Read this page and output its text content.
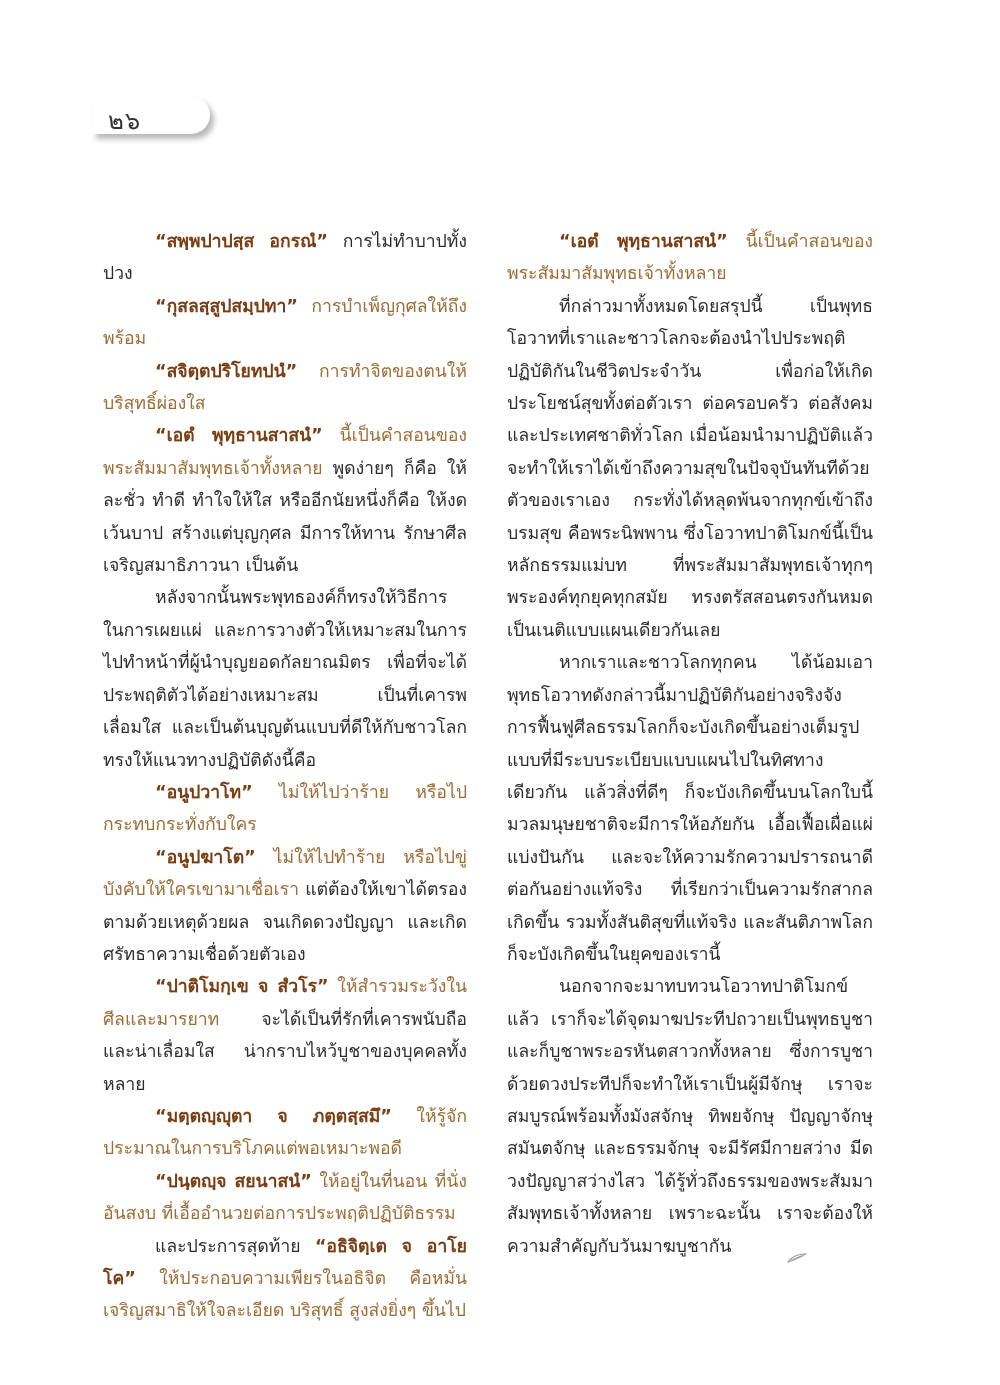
๒๖

“สพฺพปาปสฺส อกรณํ” การไม่ทำบาปทั้งปวง

“กุสลสฺสูปสมฺปทา” การบำเพ็ญกุศลให้ถึงพร้อม

“สจิตฺตปริโยทปนํ” การทำจิตของตนให้บริสุทธิ์ผ่องใส

“เอตํ พุทฺธานสาสนํ” นี้เป็นคำสอนของพระสัมมาสัมพุทธเจ้าทั้งหลาย พูดง่ายๆ ก็คือ ให้ละชั่ว ทำดี ทำใจให้ใส หรืออีกนัยหนึ่งก็คือ ให้งดเว้นบาป สร้างแต่บุญกุศล มีการให้ทาน รักษาศีล เจริญสมาธิภาวนา เป็นต้น

หลังจากนั้นพระพุทธองค์ก็ทรงให้วิธีการในการเผยแผ่ และการวางตัวให้เหมาะสมในการไปทำหน้าที่ผู้นำบุญยอดกัลยาณมิตร เพื่อที่จะได้ประพฤติตัวได้อย่างเหมาะสม เป็นที่เคารพเลื่อมใส และเป็นต้นบุญต้นแบบที่ดีให้กับชาวโลก ทรงให้แนวทางปฏิบัติดังนี้คือ

“อนูปวาโท” ไม่ให้ไปว่าร้าย หรือไปกระทบกระทั่งกับใคร

“อนูปฆาโต” ไม่ให้ไปทำร้าย หรือไปขู่บังคับให้ใครเขามาเชื่อเรา แต่ต้องให้เขาได้ตรองตามด้วยเหตุด้วยผล จนเกิดดวงปัญญา และเกิดศรัทธาความเชื่อด้วยตัวเอง

“ปาติโมกฺเข จ สํวโร” ให้สำรวมระวังในศีลและมารยาท จะได้เป็นที่รักที่เคารพนับถือ และน่าเลื่อมใส น่ากราบไหว้บูชาของบุคคลทั้งหลาย

“มตฺตญฺญุตา จ ภตฺตสฺสมึ” ให้รู้จักประมาณในการบริโภคแต่พอเหมาะพอดี

“ปนฺตญฺจ สยนาสนํ” ให้อยู่ในที่นอน ที่นั่งอันสงบ ที่เอื้ออำนวยต่อการประพฤติปฏิบัติธรรม

และประการสุดท้าย “อธิจิตฺเต จ อาโยโค” ให้ประกอบความเพียรในอธิจิต คือหมั่นเจริญสมาธิให้ใจละเอียด บริสุทธิ์ สูงส่งยิ่งๆ ขึ้นไป

“เอตํ พุทฺธานสาสนํ” นี้เป็นคำสอนของพระสัมมาสัมพุทธเจ้าทั้งหลาย

ที่กล่าวมาทั้งหมดโดยสรุปนี้ เป็นพุทธโอวาทที่เราและชาวโลกจะต้องนำไปประพฤติปฏิบัติกันในชีวิตประจำวัน เพื่อก่อให้เกิดประโยชน์สุขทั้งต่อตัวเรา ต่อครอบครัว ต่อสังคม และประเทศชาติทั่วโลก เมื่อน้อมนำมาปฏิบัติแล้วจะทำให้เราได้เข้าถึงความสุขในปัจจุบันทันทีด้วยตัวของเราเอง กระทั่งได้หลุดพ้นจากทุกข์เข้าถึงบรมสุข คือพระนิพพาน ซึ่งโอวาทปาติโมกข์นี้เป็นหลักธรรมแม่บท ที่พระสัมมาสัมพุทธเจ้าทุกๆ พระองค์ทุกยุคทุกสมัย ทรงตรัสสอนตรงกันหมด เป็นเนติแบบแผนเดียวกันเลย

หากเราและชาวโลกทุกคน ได้น้อมเอาพุทธโอวาทดังกล่าวนี้มาปฏิบัติกันอย่างจริงจัง การฟื้นฟูศีลธรรมโลกก็จะบังเกิดขึ้นอย่างเต็มรูปแบบที่มีระบบระเบียบแบบแผนไปในทิศทางเดียวกัน แล้วสิ่งที่ดีๆ ก็จะบังเกิดขึ้นบนโลกใบนี้ มวลมนุษยชาติจะมีการให้อภัยกัน เอื้อเฟื้อเผื่อแผ่แบ่งปันกัน และจะให้ความรักความปรารถนาดีต่อกันอย่างแท้จริง ที่เรียกว่าเป็นความรักสากลเกิดขึ้น รวมทั้งสันติสุขที่แท้จริง และสันติภาพโลกก็จะบังเกิดขึ้นในยุคของเรานี้

นอกจากจะมาทบทวนโอวาทปาติโมกข์แล้ว เราก็จะได้จุดมาฆประทีปถวายเป็นพุทธบูชา และก็บูชาพระอรหันตสาวกทั้งหลาย ซึ่งการบูชาด้วยดวงประทีปก็จะทำให้เราเป็นผู้มีจักษุ เราจะสมบูรณ์พร้อมทั้งมังสจักษุ ทิพยจักษุ ปัญญาจักษุ สมันตจักษุ และธรรมจักษุ จะมีรัศมีกายสว่าง มีดวงปัญญาสว่างไสว ได้รู้ทั่วถึงธรรมของพระสัมมาสัมพุทธเจ้าทั้งหลาย เพราะฉะนั้น เราจะต้องให้ความสำคัญกับวันมาฆบูชากัน
